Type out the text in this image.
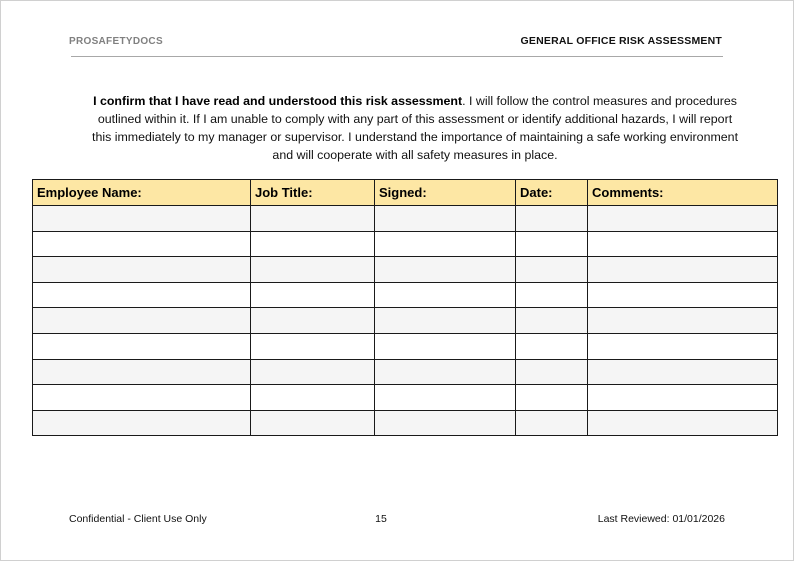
PROSAFETYDOCS	GENERAL OFFICE RISK ASSESSMENT

I confirm that I have read and understood this risk assessment. I will follow the control measures and procedures outlined within it. If I am unable to comply with any part of this assessment or identify additional hazards, I will report this immediately to my manager or supervisor. I understand the importance of maintaining a safe working environment and will cooperate with all safety measures in place.

Employee Name:	Job Title:	Signed:	Date:	Comments:

Confidential - Client Use Only	15	Last Reviewed: 01/01/2026
